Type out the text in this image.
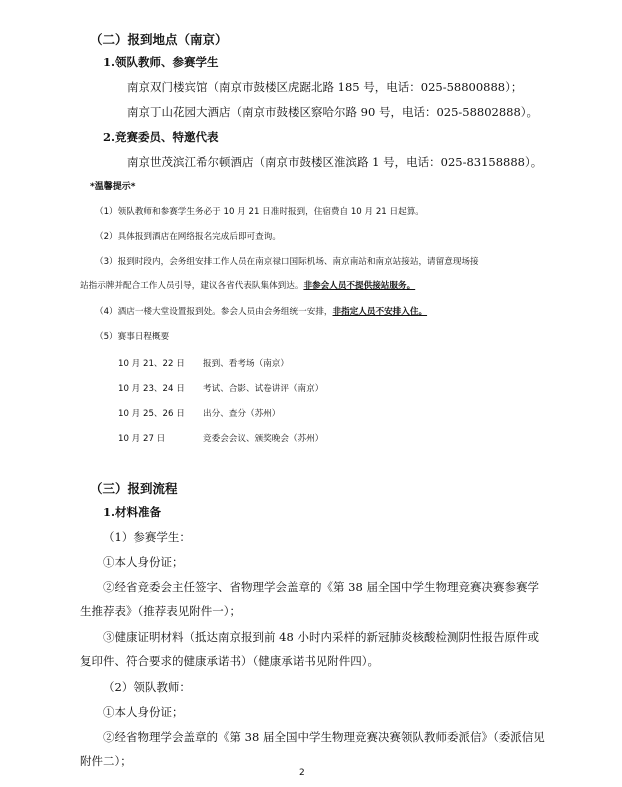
（二）报到地点（南京）
1.领队教师、参赛学生
南京双门楼宾馆（南京市鼓楼区虎踞北路 185 号，电话：025-58800888）；
南京丁山花园大酒店（南京市鼓楼区察哈尔路 90 号，电话：025-58802888）。
2.竞赛委员、特邀代表
南京世茂滨江希尔顿酒店（南京市鼓楼区淮滨路 1 号，电话：025-83158888）。
*温馨提示*
（1）领队教师和参赛学生务必于 10 月 21 日准时报到，住宿费自 10 月 21 日起算。
（2）具体报到酒店在网络报名完成后即可查询。
（3）报到时段内，会务组安排工作人员在南京禄口国际机场、南京南站和南京站接站，请留意现场接
站指示牌并配合工作人员引导，建议各省代表队集体到达。非参会人员不提供接站服务。
（4）酒店一楼大堂设置报到处。参会人员由会务组统一安排，非指定人员不安排入住。
（5）赛事日程概要
10 月 21、22 日 报到、看考场（南京）
10 月 23、24 日 考试、合影、试卷讲评（南京）
10 月 25、26 日 出分、查分（苏州）
10 月 27 日	竞委会会议、颁奖晚会（苏州）
（三）报到流程
1.材料准备
（1）参赛学生：
①本人身份证；
②经省竞委会主任签字、省物理学会盖章的《第 38 届全国中学生物理竞赛决赛参赛学
生推荐表》（推荐表见附件一）；
③健康证明材料（抵达南京报到前 48 小时内采样的新冠肺炎核酸检测阴性报告原件或
复印件、符合要求的健康承诺书）（健康承诺书见附件四）。
（2）领队教师：
①本人身份证；
②经省物理学会盖章的《第 38 届全国中学生物理竞赛决赛领队教师委派信》（委派信见
附件二）；
2
